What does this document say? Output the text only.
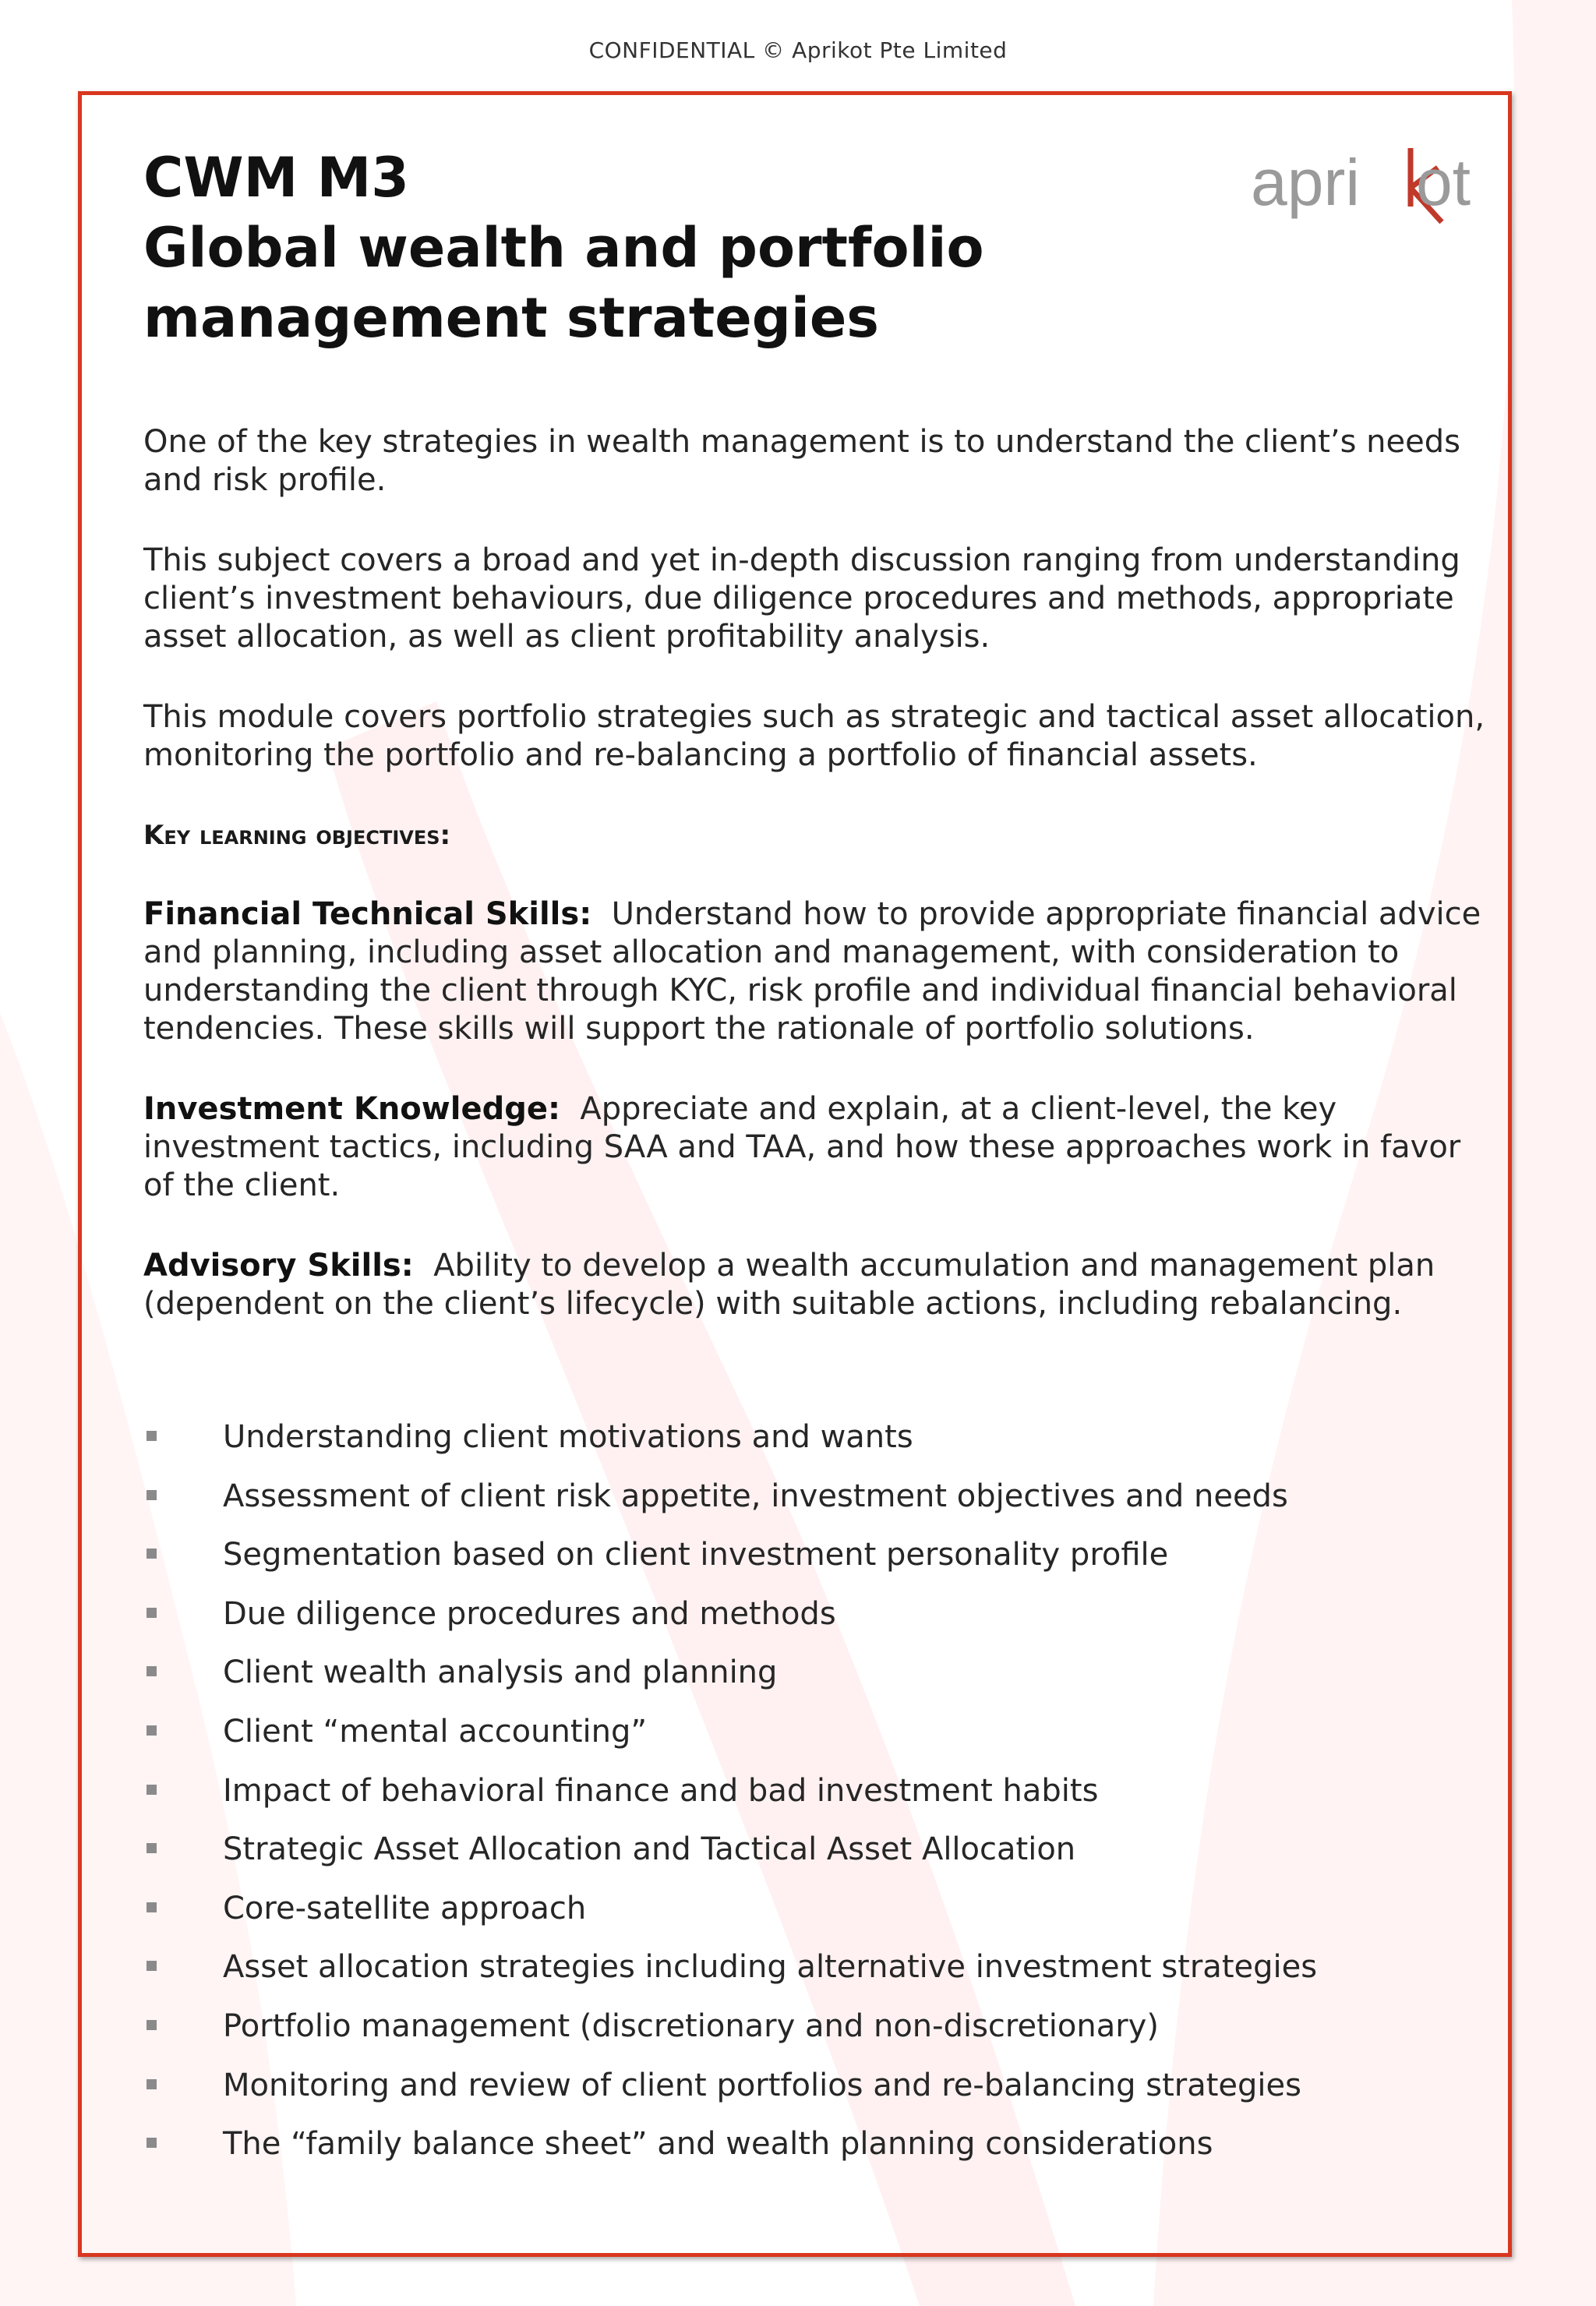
CONFIDENTIAL © Aprikot Pte Limited
apri ot
k
CWM M3
Global wealth and portfolio
management strategies

One of the key strategies in wealth management is to understand the client’s needs and risk profile.

This subject covers a broad and yet in-depth discussion ranging from understanding client’s investment behaviours, due diligence procedures and methods, appropriate asset allocation, as well as client profitability analysis.

This module covers portfolio strategies such as strategic and tactical asset allocation, monitoring the portfolio and re-balancing a portfolio of financial assets.

Key learning objectives:

Financial Technical Skills: Understand how to provide appropriate financial advice and planning, including asset allocation and management, with consideration to understanding the client through KYC, risk profile and individual financial behavioral tendencies. These skills will support the rationale of portfolio solutions.

Investment Knowledge: Appreciate and explain, at a client-level, the key investment tactics, including SAA and TAA, and how these approaches work in favor of the client.

Advisory Skills: Ability to develop a wealth accumulation and management plan (dependent on the client’s lifecycle) with suitable actions, including rebalancing.

Understanding client motivations and wants
Assessment of client risk appetite, investment objectives and needs
Segmentation based on client investment personality profile
Due diligence procedures and methods
Client wealth analysis and planning
Client “mental accounting”
Impact of behavioral finance and bad investment habits
Strategic Asset Allocation and Tactical Asset Allocation
Core-satellite approach
Asset allocation strategies including alternative investment strategies
Portfolio management (discretionary and non-discretionary)
Monitoring and review of client portfolios and re-balancing strategies
The “family balance sheet” and wealth planning considerations
